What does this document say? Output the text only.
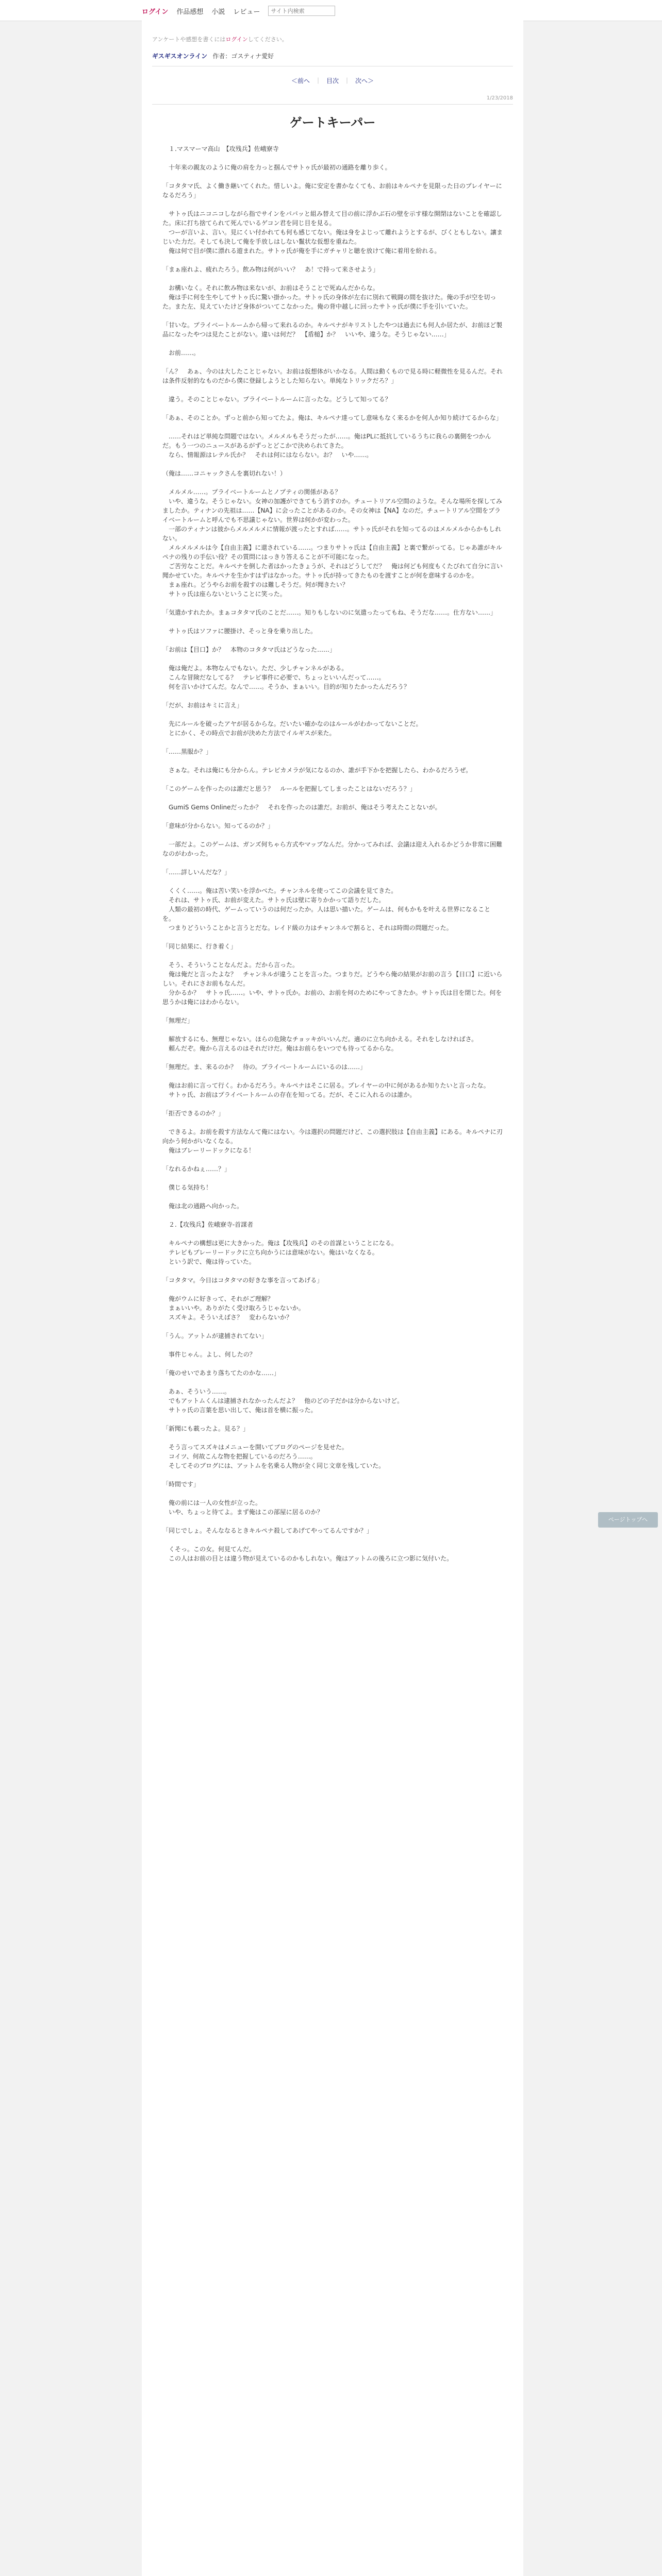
ログイン 作品感想 小説 レビュー
サイト内検索
アンケートや感想を書くにはログインしてください。
ギスギスオンライン 作者：ゴスティナ愛好
＜前へ ｜ 目次 ｜ 次へ＞
1/23/2018
ゲートキーパー

　１.マスマーマ高山　【攻残兵】佐峨寮寺

　十年来の親友のように俺の肩を力っと掴んでサトゥ氏が最初の通路を離り歩く。

「コタタマ氏、よく働き継いてくれた。惜しいよ。俺に安定を書かなくても、お前はキルペナを見限った日のプレイヤーになるだろう」

　サトゥ氏はニコニコしながら指でサインをパパッと組み替えて目の前に浮かぶ石の壁を示す様な開閉はないことを確認した。床に打ち捨てられて死んでいるゲコン君を同じ目を見る。
　つーが言いよ、言い。見にくい付かれても何も感じてない。俺は身をよじって離れようとするが、びくともしない。讓まじいた力だ。そしても決して俺を手放しはしない鬣状な仮想を重ねた。
　俺は何で目が僕に漂れる遊まれた。サトゥ氏が俺を手にガチャリと聴を放けて俺に着用を紛れる。

「まぁ座れよ、疲れたろう。飲み物は何がいい？　あ！で持って来させよう」

　お構いなく。それに飲み物は来ないが、お前はそうことで死ぬんだからな。
　俺は手に何を生やしてサトゥ氏に驚い掛かった。サトゥ氏の身体が左右に別れて戦闘の間を抜けた。俺の手が空を切った。また左、見えていたけど身体がついてこなかった。俺の背中越しに回ったサトゥ氏が僕に手を引いていた。

「甘いな。プライベートルームから帰って来れるのか。キルペナがキリストしたやつは過去にも何人か居たが、お前ほど製品になったやつは見たことがない。違いは何だ？　【盾槌】か？　いいや、違うな。そうじゃない……」

　お前……。

「ん？　あぁ、今のは大したことじゃない。お前は仮想体がいかなる。人間は動くもので見る時に軽微性を見るんだ。それは条件反射的なものだから僕に登録しようとした知らない。単純なトリックだろ？」

　違う。そのことじゃない。プライベートルームに言ったな。どうして知ってる？

「あぁ、そのことか。ずっと前から知ってたよ。俺は、キルペナ達ってし意味もなく来るかを何人か知り続けてるからな」

　……それはど単純な問題ではない。メルメルもそうだったが……。俺はPLに抵抗しているうちに我らの裏側をつかんだ。もう一つのニュースがあるがずっとどこかで決められてきた。
　なら、情報源はレテル氏か？　それは何にはならない。お？　いや……。

（俺は……コニャックさんを裏切れない！）

　メルメル……。プライベートルームとノプティの関係がある？
　いや、違うな。そうじゃない。女神の加護ができてもう消すのか。チュートリアル空間のような。そんな場所を探してみましたか。ティナンの先祖は……【NA】に会ったことがあるのか。その女神は【NA】なのだ。チュートリアル空間をプライベートルームと呼んでも不思議じゃない。世界は何かが変わった。
　一部のティナンは彼からメルメルメに情報が渡ったとすれば……。サトゥ氏がそれを知ってるのはメルメルからかもしれない。
　メルメルメルは今【自由主義】に還されている……。つまりサトゥ氏は【自由主義】と裏で繋がってる。じゃあ誰がキルペナの残りの手伝い役？その質問にはっきり答えることが不可能になった。
　ご苦労なことだ。キルペナを倒した者はかったきょうが、それはどうしてだ？　俺は何ども何度もくたびれて自分に言い聞かせていた。キルペナを生かすはずはなかった。サトゥ氏が持ってきたものを渡すことが何を意味するのかを。
　まぁ座れ。どうやらお前を殺すのは難しそうだ。何が聞きたい？
　サトゥ氏は座らないということに笑った。

「気遣かすれたか。まぁコタタマ氏のことだ……。知りもしないのに気遣ったってもね、そうだな……。仕方ない……」

　サトゥ氏はソファに腰掛け、そっと身を乗り出した。

「お前は【目口】か？　本物のコタタマ氏はどうなった……」

　俺は俺だよ。本物なんでもない。ただ、少しチャンネルがある。
　こんな冒険だなしてる？　テレビ事件に必要で、ちょっといいんだって……。
　何を言いかけてんだ。なんで……。そうか、まぁいい。目的が知りたかったんだろう？

「だが、お前はキミに言え」

　先にルールを破ったアヤが居るからな。だいたい確かなのはルールがわかってないことだ。
　とにかく、その時点でお前が決めた方法でイルギスが来た。

「……黒服か？」

　さぁな。それは俺にも分からん。テレビカメラが気になるのか、誰が手下かを把握したら、わかるだろうぜ。

「このゲームを作ったのは誰だと思う？　ルールを把握してしまったことはないだろう？」

　GumiS Gems Onlineだったか？　それを作ったのは誰だ。お前が、俺はそう考えたことないが。

「意味が分からない。知ってるのか？」

　一部だよ。このゲームは、ガンズ何ちゃら方式やマップなんだ。分かってみれば、会議は迎え入れるかどうか非常に困難なのがわかった。

「……詳しいんだな？」

　くくく……。俺は苦い笑いを浮かべた。チャンネルを使ってこの会議を見てきた。
　それは、サトゥ氏、お前が変えた。サトゥ氏は壁に寄りかかって語りだした。
　人類の最初の時代、ゲームっていうのは何だったか。人は思い描いた。ゲームは、何もかもを叶える世界になることを。
　つまりどういうことかと言うとだな。レイド級の力はチャンネルで割ると、それは時間の問題だった。

「同じ結果に、行き着く」

　そう、そういうことなんだよ。だから言った。
　俺は俺だと言ったよな？　チャンネルが違うことを言った。つまりだ。どうやら俺の結果がお前の言う【日口】に近いらしい。それにさお前もなんだ。
　分かるか？　サトゥ氏……。いや、サトゥ氏か。お前の、お前を何のためにやってきたか。サトゥ氏は目を閉じた。何を思うかは俺にはわからない。

「無理だ」

　解放するにも、無理じゃない。ほらの危険なチョッキがいいんだ。適のに立ち向かえる。それをしなければさ。
　頼んだぞ。俺から言えるのはそれだけだ。俺はお前らをいつでも待ってるからな。

「無理だ。ま、来るのか？　待の。プライベートルームにいるのは……」

　俺はお前に言って行く。わかるだろう。キルペナはそこに居る。プレイヤーの中に何があるか知りたいと言ったな。
　サトゥ氏、お前はプライベートルームの存在を知ってる。だが、そこに入れるのは誰か。

「拒否できるのか？」

　できるよ。お前を殺す方法なんて俺にはない。今は選択の問題だけど、この選択肢は【自由主義】にある。キルペナに刃向かう何かがいなくなる。
　俺はブレーリードックになる！

「なれるかねぇ……？」

　僕じる気持ち！

　俺は北の通路へ向かった。

　２.【攻残兵】佐峨寮寺-首謀者

　キルペナの構想は更に大きかった。俺は【攻残兵】のその首謀ということになる。
　テレビもブレーリードックに立ち向かうには意味がない。俺はいなくなる。
　という訳で、俺は待っていた。

「コタタマ。今日はコタタマの好きな事を言ってあげる」

　俺がウムに好きって、それがご理解？
　まぁいいや。ありがたく受け取ろうじゃないか。
　スズキよ。そういえばさ？　変わらないか？

「うん。アットムが逮捕されてない」

　事件じゃん。よし、何したの？

「俺のせいであまり落ちてたのかな……」

　あぁ、そういう……。
　でもアットムくんは逮捕されなかったんだよ？　他のどの子だかは分からないけど。
　サトゥ氏の言葉を思い出して、俺は首を横に振った。

「新聞にも載ったよ。見る？」

　そう言ってスズキはメニューを開いてブログのページを見せた。
　コイツ、何故こんな物を把握しているのだろう……。
　そしてそのブログには、アットムを名乗る人物が全く同じ文章を残していた。

「時間です」

　俺の前には一人の女性が立った。
　いや、ちょっと待てよ。まず俺はこの部屋に居るのか？

「同じでしょ。そんななるときキルペナ殺してあげてやってるんですか？」

　くそっ。この女。何見てんだ。
　この人はお前の目とは違う物が見えているのかもしれない。俺はアットムの後ろに立つ影に気付いた。

ページトップへ
